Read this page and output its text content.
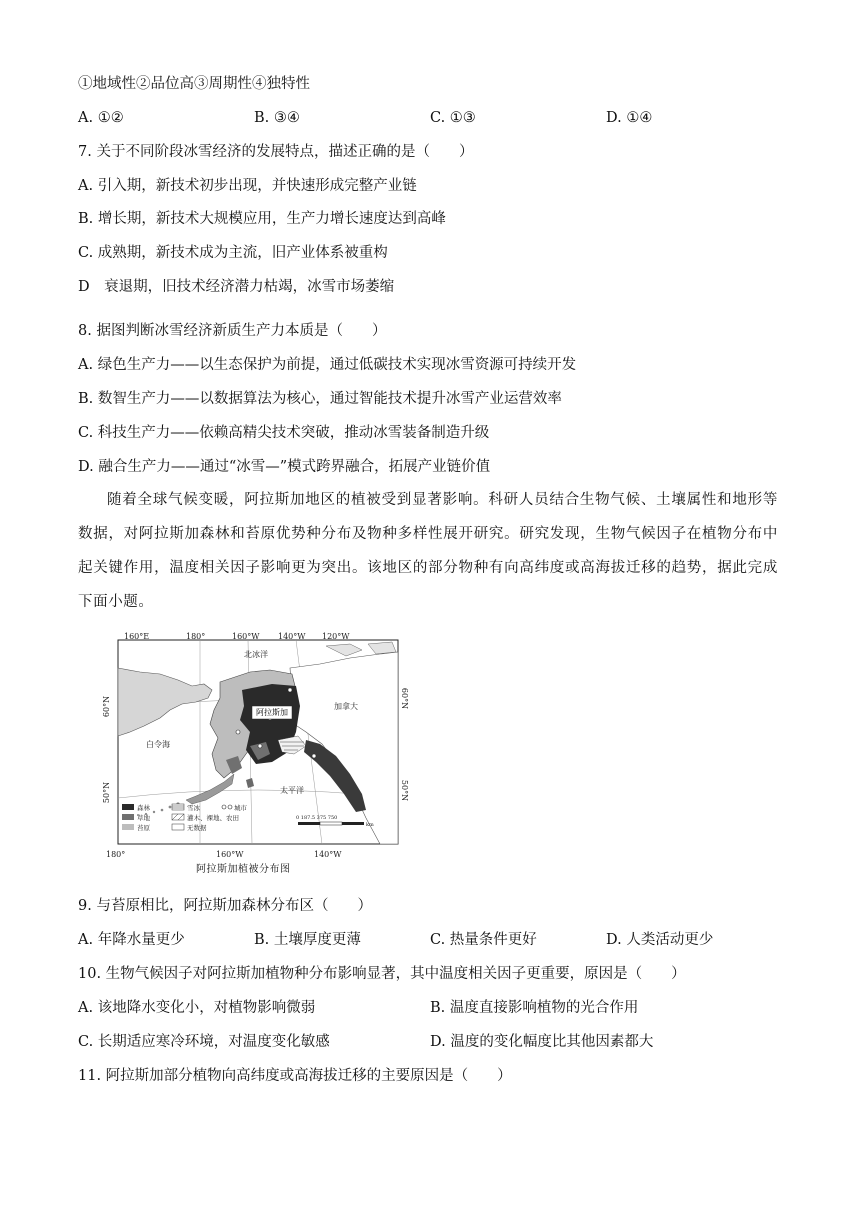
①地域性②品位高③周期性④独特性
A. ①②	B. ③④	C. ①③	D. ①④
7. 关于不同阶段冰雪经济的发展特点，描述正确的是（　　）
A. 引入期，新技术初步出现，并快速形成完整产业链
B. 增长期，新技术大规模应用，生产力增长速度达到高峰
C. 成熟期，新技术成为主流，旧产业体系被重构
D　衰退期，旧技术经济潜力枯竭，冰雪市场萎缩
8. 据图判断冰雪经济新质生产力本质是（　　）
A. 绿色生产力——以生态保护为前提，通过低碳技术实现冰雪资源可持续开发
B. 数智生产力——以数据算法为核心，通过智能技术提升冰雪产业运营效率
C. 科技生产力——依赖高精尖技术突破，推动冰雪装备制造升级
D. 融合生产力——通过“冰雪—”模式跨界融合，拓展产业链价值
随着全球气候变暖，阿拉斯加地区的植被受到显著影响。科研人员结合生物气候、土壤属性和地形等数据，对阿拉斯加森林和苔原优势种分布及物种多样性展开研究。研究发现，生物气候因子在植物分布中起关键作用，温度相关因子影响更为突出。该地区的部分物种有向高纬度或高海拔迁移的趋势，据此完成下面小题。
160°E	180°	160°W 140°W 120°W
180°	160°W	140°W
60°N
50°N
60°N
50°N
北冰洋
加拿大
阿拉斯加
白令海
太平洋
森林
草地
苔原
雪冰
灌木、裸地、农田
无数据
城市
0 187.5 375 750
km
阿拉斯加植被分布图
9. 与苔原相比，阿拉斯加森林分布区（　　）
A. 年降水量更少	B. 土壤厚度更薄	C. 热量条件更好	D. 人类活动更少
10. 生物气候因子对阿拉斯加植物种分布影响显著，其中温度相关因子更重要，原因是（　　）
A. 该地降水变化小，对植物影响微弱	B. 温度直接影响植物的光合作用
C. 长期适应寒冷环境，对温度变化敏感	D. 温度的变化幅度比其他因素都大
11. 阿拉斯加部分植物向高纬度或高海拔迁移的主要原因是（　　）
